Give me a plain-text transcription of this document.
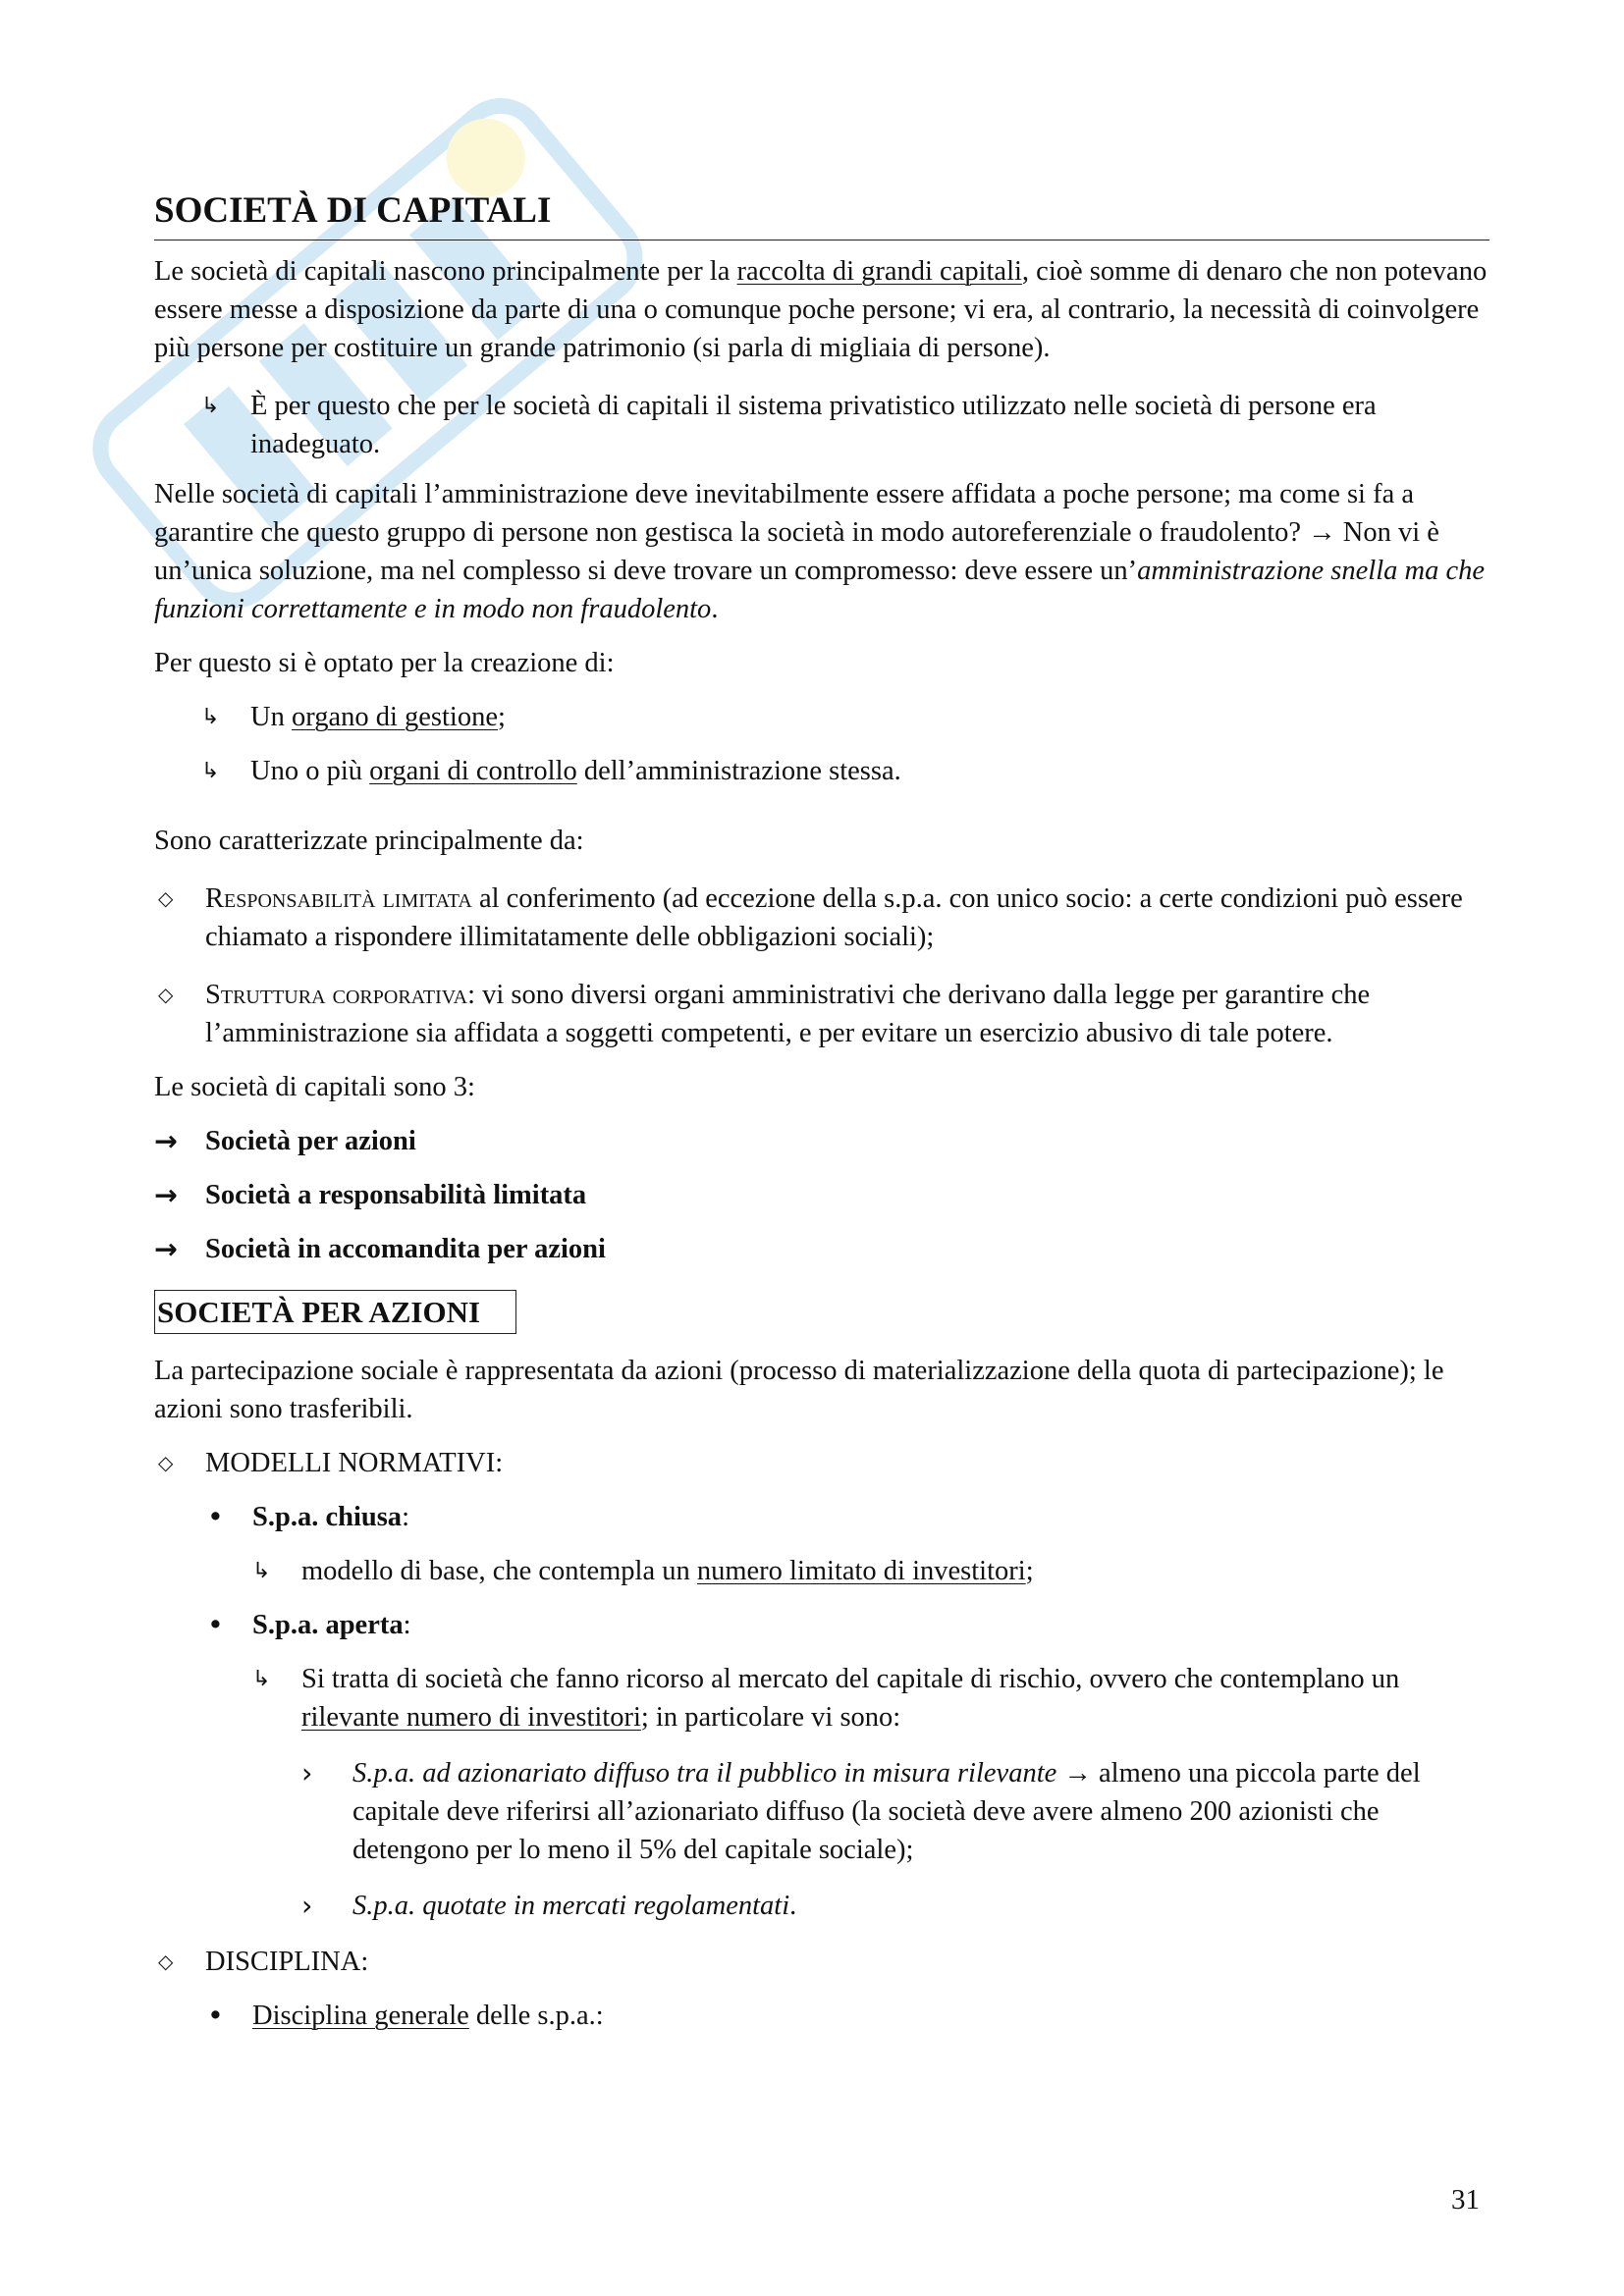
SOCIETÀ DI CAPITALI

Le società di capitali nascono principalmente per la raccolta di grandi capitali, cioè somme di denaro che non potevano essere messe a disposizione da parte di una o comunque poche persone; vi era, al contrario, la necessità di coinvolgere più persone per costituire un grande patrimonio (si parla di migliaia di persone).

↳	È per questo che per le società di capitali il sistema privatistico utilizzato nelle società di persone era inadeguato.

Nelle società di capitali l’amministrazione deve inevitabilmente essere affidata a poche persone; ma come si fa a garantire che questo gruppo di persone non gestisca la società in modo autoreferenziale o fraudolento? → Non vi è un’unica soluzione, ma nel complesso si deve trovare un compromesso: deve essere un’amministrazione snella ma che funzioni correttamente e in modo non fraudolento.

Per questo si è optato per la creazione di:

↳	Un organo di gestione;
↳	Uno o più organi di controllo dell’amministrazione stessa.

Sono caratterizzate principalmente da:

◇	Responsabilità limitata al conferimento (ad eccezione della s.p.a. con unico socio: a certe condizioni può essere chiamato a rispondere illimitatamente delle obbligazioni sociali);
◇	Struttura corporativa: vi sono diversi organi amministrativi che derivano dalla legge per garantire che l’amministrazione sia affidata a soggetti competenti, e per evitare un esercizio abusivo di tale potere.

Le società di capitali sono 3:

→ Società per azioni
→ Società a responsabilità limitata
→ Società in accomandita per azioni
SOCIETÀ PER AZIONI

La partecipazione sociale è rappresentata da azioni (processo di materializzazione della quota di partecipazione); le azioni sono trasferibili.

◇	MODELLI NORMATIVI:
•	S.p.a. chiusa:
↳	modello di base, che contempla un numero limitato di investitori;
•	S.p.a. aperta:
↳	Si tratta di società che fanno ricorso al mercato del capitale di rischio, ovvero che contemplano un rilevante numero di investitori; in particolare vi sono:
›	S.p.a. ad azionariato diffuso tra il pubblico in misura rilevante → almeno una piccola parte del capitale deve riferirsi all’azionariato diffuso (la società deve avere almeno 200 azionisti che detengono per lo meno il 5% del capitale sociale);
›	S.p.a. quotate in mercati regolamentati.
◇	DISCIPLINA:
•	Disciplina generale delle s.p.a.:
31
